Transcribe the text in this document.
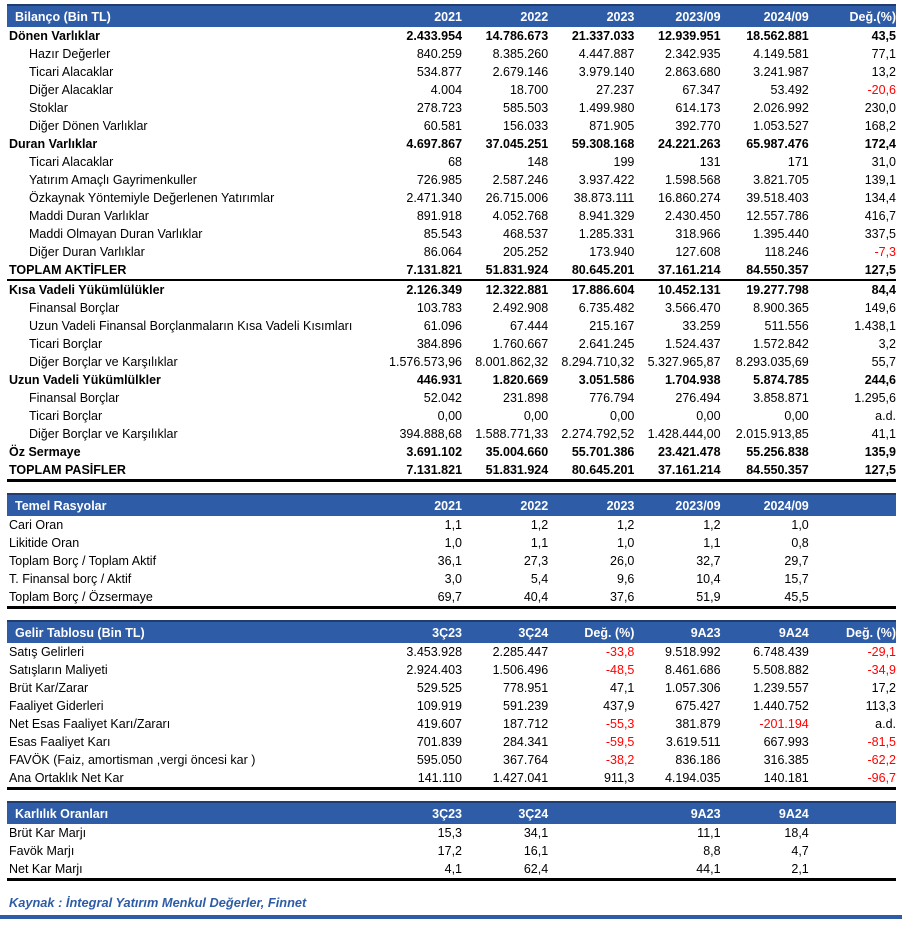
Bilanço (Bin TL)	2021	2022	2023	2023/09	2024/09	Değ.(%)
Dönen Varlıklar	2.433.954	14.786.673	21.337.033	12.939.951	18.562.881	43,5
Hazır Değerler	840.259	8.385.260	4.447.887	2.342.935	4.149.581	77,1
Ticari Alacaklar	534.877	2.679.146	3.979.140	2.863.680	3.241.987	13,2
Diğer Alacaklar	4.004	18.700	27.237	67.347	53.492	-20,6
Stoklar	278.723	585.503	1.499.980	614.173	2.026.992	230,0
Diğer Dönen Varlıklar	60.581	156.033	871.905	392.770	1.053.527	168,2
Duran Varlıklar	4.697.867	37.045.251	59.308.168	24.221.263	65.987.476	172,4
Ticari Alacaklar	68	148	199	131	171	31,0
Yatırım Amaçlı Gayrimenkuller	726.985	2.587.246	3.937.422	1.598.568	3.821.705	139,1
Özkaynak Yöntemiyle Değerlenen Yatırımlar	2.471.340	26.715.006	38.873.111	16.860.274	39.518.403	134,4
Maddi Duran Varlıklar	891.918	4.052.768	8.941.329	2.430.450	12.557.786	416,7
Maddi Olmayan Duran Varlıklar	85.543	468.537	1.285.331	318.966	1.395.440	337,5
Diğer Duran Varlıklar	86.064	205.252	173.940	127.608	118.246	-7,3
TOPLAM AKTİFLER	7.131.821	51.831.924	80.645.201	37.161.214	84.550.357	127,5
Kısa Vadeli Yükümlülükler	2.126.349	12.322.881	17.886.604	10.452.131	19.277.798	84,4
Finansal Borçlar	103.783	2.492.908	6.735.482	3.566.470	8.900.365	149,6

Uzun Vadeli Finansal Borçlanmaların Kısa Vadeli Kısımları	61.096	67.444	215.167	33.259	511.556	1.438,1
Ticari Borçlar	384.896	1.760.667	2.641.245	1.524.437	1.572.842	3,2
Diğer Borçlar ve Karşılıklar	1.576.573,96	8.001.862,32	8.294.710,32	5.327.965,87	8.293.035,69	55,7
Uzun Vadeli Yükümlülkler	446.931	1.820.669	3.051.586	1.704.938	5.874.785	244,6
Finansal Borçlar	52.042	231.898	776.794	276.494	3.858.871	1.295,6
Ticari Borçlar	0,00	0,00	0,00	0,00	0,00	a.d.
Diğer Borçlar ve Karşılıklar	394.888,68	1.588.771,33	2.274.792,52	1.428.444,00	2.015.913,85	41,1
Öz Sermaye	3.691.102	35.004.660	55.701.386	23.421.478	55.256.838	135,9
TOPLAM PASİFLER	7.131.821	51.831.924	80.645.201	37.161.214	84.550.357	127,5
Temel Rasyolar	2021	2022	2023	2023/09	2024/09	
Cari Oran	1,1	1,2	1,2	1,2	1,0	
Likitide Oran	1,0	1,1	1,0	1,1	0,8	
Toplam Borç / Toplam Aktif	36,1	27,3	26,0	32,7	29,7	
T. Finansal borç / Aktif	3,0	5,4	9,6	10,4	15,7	
Toplam Borç / Özsermaye	69,7	40,4	37,6	51,9	45,5	
Gelir Tablosu (Bin TL)	3Ç23	3Ç24	Değ. (%)	9A23	9A24	Değ. (%)
Satış Gelirleri	3.453.928	2.285.447	-33,8	9.518.992	6.748.439	-29,1
Satışların Maliyeti	2.924.403	1.506.496	-48,5	8.461.686	5.508.882	-34,9
Brüt Kar/Zarar	529.525	778.951	47,1	1.057.306	1.239.557	17,2
Faaliyet Giderleri	109.919	591.239	437,9	675.427	1.440.752	113,3
Net Esas Faaliyet Karı/Zararı	419.607	187.712	-55,3	381.879	-201.194	a.d.
Esas Faaliyet Karı	701.839	284.341	-59,5	3.619.511	667.993	-81,5
FAVÖK (Faiz, amortisman ,vergi öncesi kar )	595.050	367.764	-38,2	836.186	316.385	-62,2
Ana Ortaklık Net Kar	141.110	1.427.041	911,3	4.194.035	140.181	-96,7
Karlılık Oranları	3Ç23	3Ç24		9A23	9A24	
Brüt Kar Marjı	15,3	34,1		11,1	18,4	
Favök Marjı	17,2	16,1		8,8	4,7	
Net Kar Marjı	4,1	62,4		44,1	2,1	
Kaynak : İntegral Yatırım Menkul Değerler, Finnet
